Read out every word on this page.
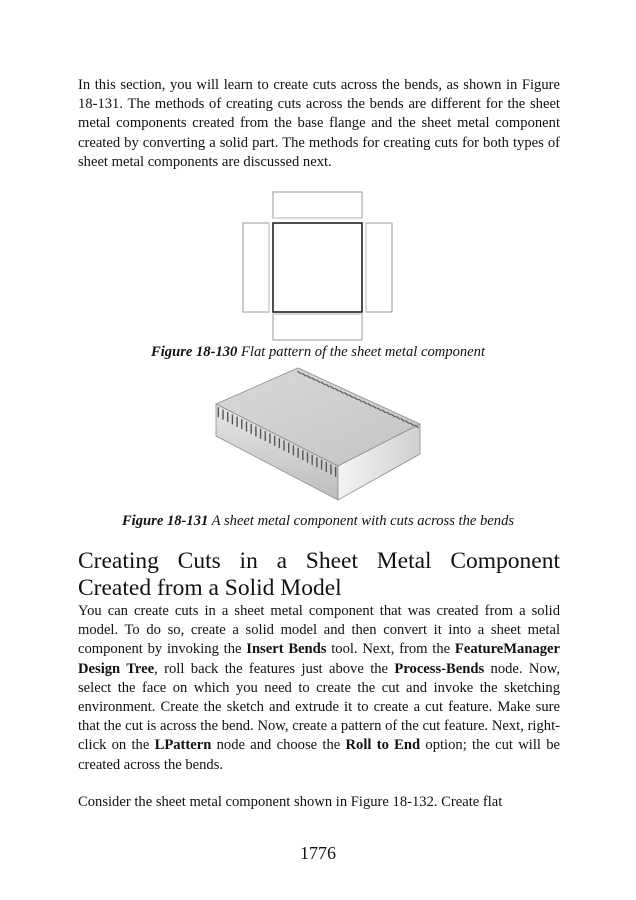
In this section, you will learn to create cuts across the bends, as shown in Figure 18-131. The methods of creating cuts across the bends are different for the sheet metal components created from the base flange and the sheet metal component created by converting a solid part. The methods for creating cuts for both types of sheet metal components are discussed next.

Figure 18-130 Flat pattern of the sheet metal component
Figure 18-131 A sheet metal component with cuts across the bends
Creating Cuts in a Sheet Metal Component Created from a Solid Model

You can create cuts in a sheet metal component that was created from a solid model. To do so, create a solid model and then convert it into a sheet metal component by invoking the Insert Bends tool. Next, from the FeatureManager Design Tree, roll back the features just above the Process-Bends node. Now, select the face on which you need to create the cut and invoke the sketching environment. Create the sketch and extrude it to create a cut feature. Make sure that the cut is across the bend. Now, create a pattern of the cut feature. Next, right-click on the LPattern node and choose the Roll to End option; the cut will be created across the bends.

Consider the sheet metal component shown in Figure 18-132. Create flat

1776
